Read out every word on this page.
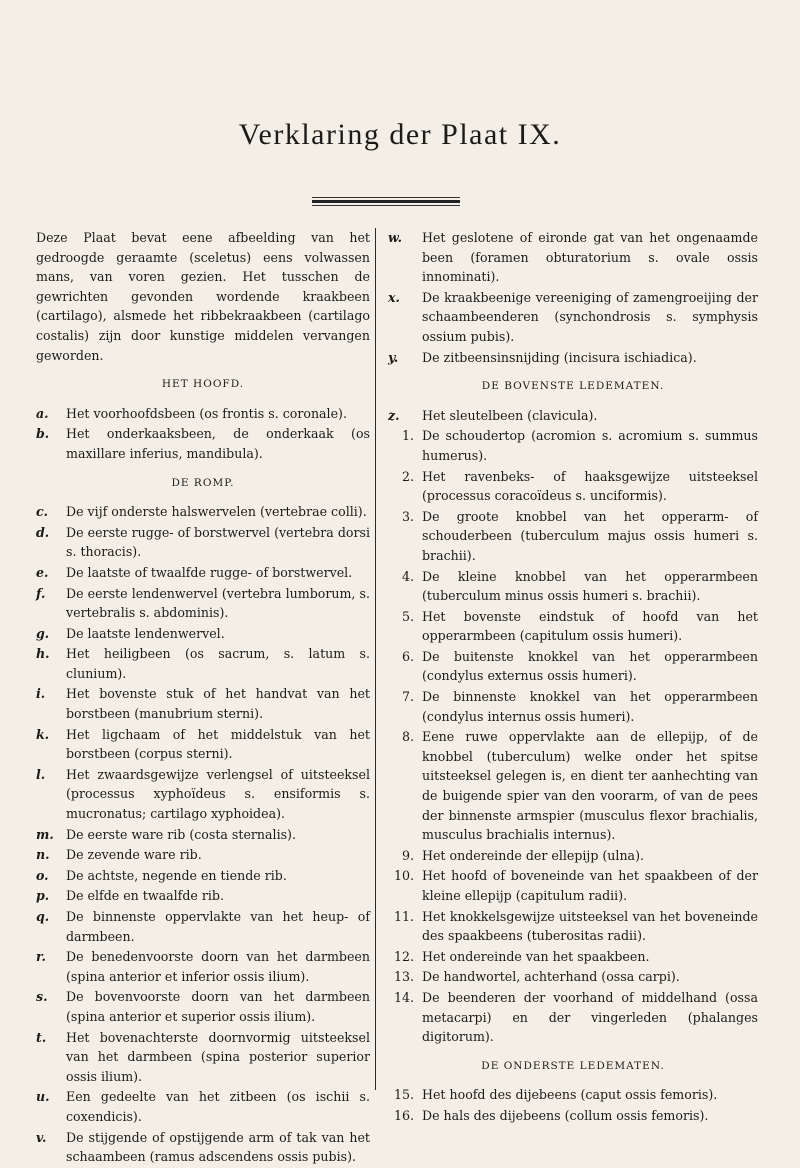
Verklaring der Plaat IX.

Deze Plaat bevat eene afbeelding van het gedroogde geraamte (sceletus) eens volwassen mans, van voren gezien. Het tusschen de gewrichten gevonden wordende kraakbeen (cartilago), alsmede het ribbekraakbeen (cartilago costalis) zijn door kunstige middelen vervangen geworden.

HET HOOFD.
a.	Het voorhoofdsbeen (os frontis s. coronale).
b.	Het onderkaaksbeen, de onderkaak (os maxillare inferius, mandibula).
DE ROMP.
c.	De vijf onderste halswervelen (vertebrae colli).
d.	De eerste rugge- of borstwervel (vertebra dorsi s. thoracis).
e.	De laatste of twaalfde rugge- of borstwervel.
f.	De eerste lendenwervel (vertebra lumborum, s. vertebralis s. abdominis).
g.	De laatste lendenwervel.
h.	Het heiligbeen (os sacrum, s. latum s. clunium).
i.	Het bovenste stuk of het handvat van het borstbeen (manubrium sterni).
k.	Het ligchaam of het middelstuk van het borstbeen (corpus sterni).
l.	Het zwaardsgewijze verlengsel of uitsteeksel (processus xyphoïdeus s. ensiformis s. mucronatus; cartilago xyphoidea).
m. De eerste ware rib (costa sternalis).
n.	De zevende ware rib.
o.	De achtste, negende en tiende rib.
p.	De elfde en twaalfde rib.
q.	De binnenste oppervlakte van het heup- of darmbeen.
r.	De benedenvoorste doorn van het darmbeen (spina anterior et inferior ossis ilium).
s.	De bovenvoorste doorn van het darmbeen (spina anterior et superior ossis ilium).
t.	Het bovenachterste doornvormig uitsteeksel van het darmbeen (spina posterior superior ossis ilium).
u.	Een gedeelte van het zitbeen (os ischii s. coxendicis).
v.	De stijgende of opstijgende arm of tak van het schaambeen (ramus adscendens ossis pubis).
w.	Het geslotene of eironde gat van het ongenaamde been (foramen obturatorium s. ovale ossis innominati).
x.	De kraakbeenige vereeniging of zamengroeijing der schaambeenderen (synchondrosis s. symphysis ossium pubis).
y.	De zitbeensinsnijding (incisura ischiadica).
DE BOVENSTE LEDEMATEN.
z.	Het sleutelbeen (clavicula).
1. De schoudertop (acromion s. acromium s. summus humerus).
2. Het ravenbeks- of haaksgewijze uitsteeksel (processus coracoïdeus s. unciformis).
3. De groote knobbel van het opperarm- of schouderbeen (tuberculum majus ossis humeri s. brachii).
4. De kleine knobbel van het opperarmbeen (tuberculum minus ossis humeri s. brachii).
5. Het bovenste eindstuk of hoofd van het opperarmbeen (capitulum ossis humeri).
6. De buitenste knokkel van het opperarmbeen (condylus externus ossis humeri).
7. De binnenste knokkel van het opperarmbeen (condylus internus ossis humeri).
8. Eene ruwe oppervlakte aan de ellepijp, of de knobbel (tuberculum) welke onder het spitse uitsteeksel gelegen is, en dient ter aanhechting van de buigende spier van den voorarm, of van de pees der binnenste armspier (musculus flexor brachialis, musculus brachialis internus).
9. Het ondereinde der ellepijp (ulna).
10. Het hoofd of boveneinde van het spaakbeen of der kleine ellepijp (capitulum radii).
11. Het knokkelsgewijze uitsteeksel van het boveneinde des spaakbeens (tuberositas radii).
12. Het ondereinde van het spaakbeen.
13. De handwortel, achterhand (ossa carpi).
14. De beenderen der voorhand of middelhand (ossa metacarpi) en der vingerleden (phalanges digitorum).
DE ONDERSTE LEDEMATEN.
15. Het hoofd des dijebeens (caput ossis femoris).
16. De hals des dijebeens (collum ossis femoris).
